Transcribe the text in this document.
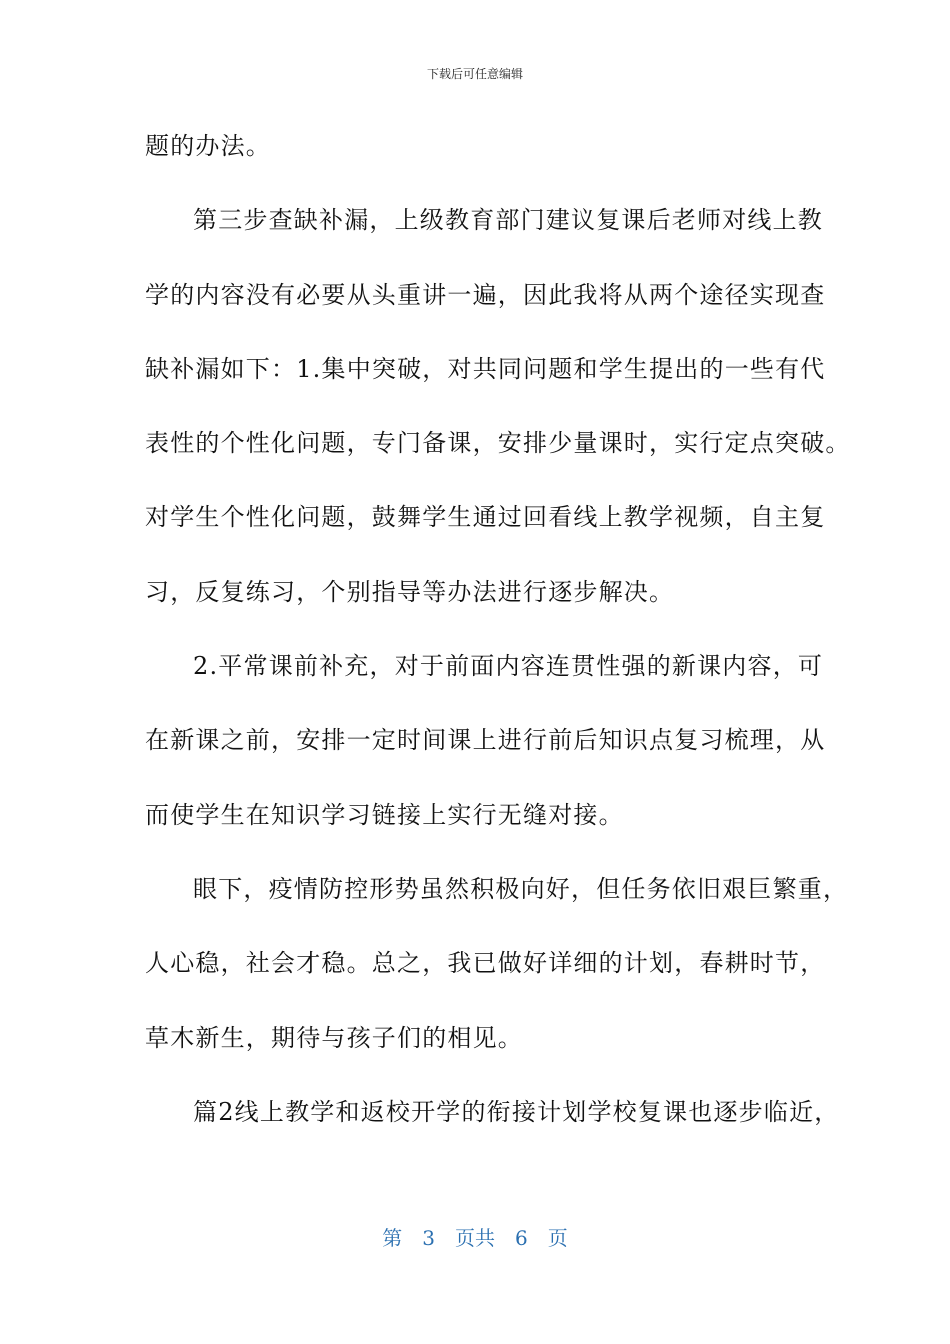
下载后可任意编辑
题的办法。
第三步查缺补漏，上级教育部门建议复课后老师对线上教
学的内容没有必要从头重讲一遍，因此我将从两个途径实现查
缺补漏如下：1.集中突破，对共同问题和学生提出的一些有代
表性的个性化问题，专门备课，安排少量课时，实行定点突破。
对学生个性化问题，鼓舞学生通过回看线上教学视频，自主复
习，反复练习，个别指导等办法进行逐步解决。
2.平常课前补充，对于前面内容连贯性强的新课内容，可
在新课之前，安排一定时间课上进行前后知识点复习梳理，从
而使学生在知识学习链接上实行无缝对接。
眼下，疫情防控形势虽然积极向好，但任务依旧艰巨繁重，
人心稳，社会才稳。总之，我已做好详细的计划，春耕时节，
草木新生，期待与孩子们的相见。
篇2线上教学和返校开学的衔接计划学校复课也逐步临近，
第　3　页共　6　页
